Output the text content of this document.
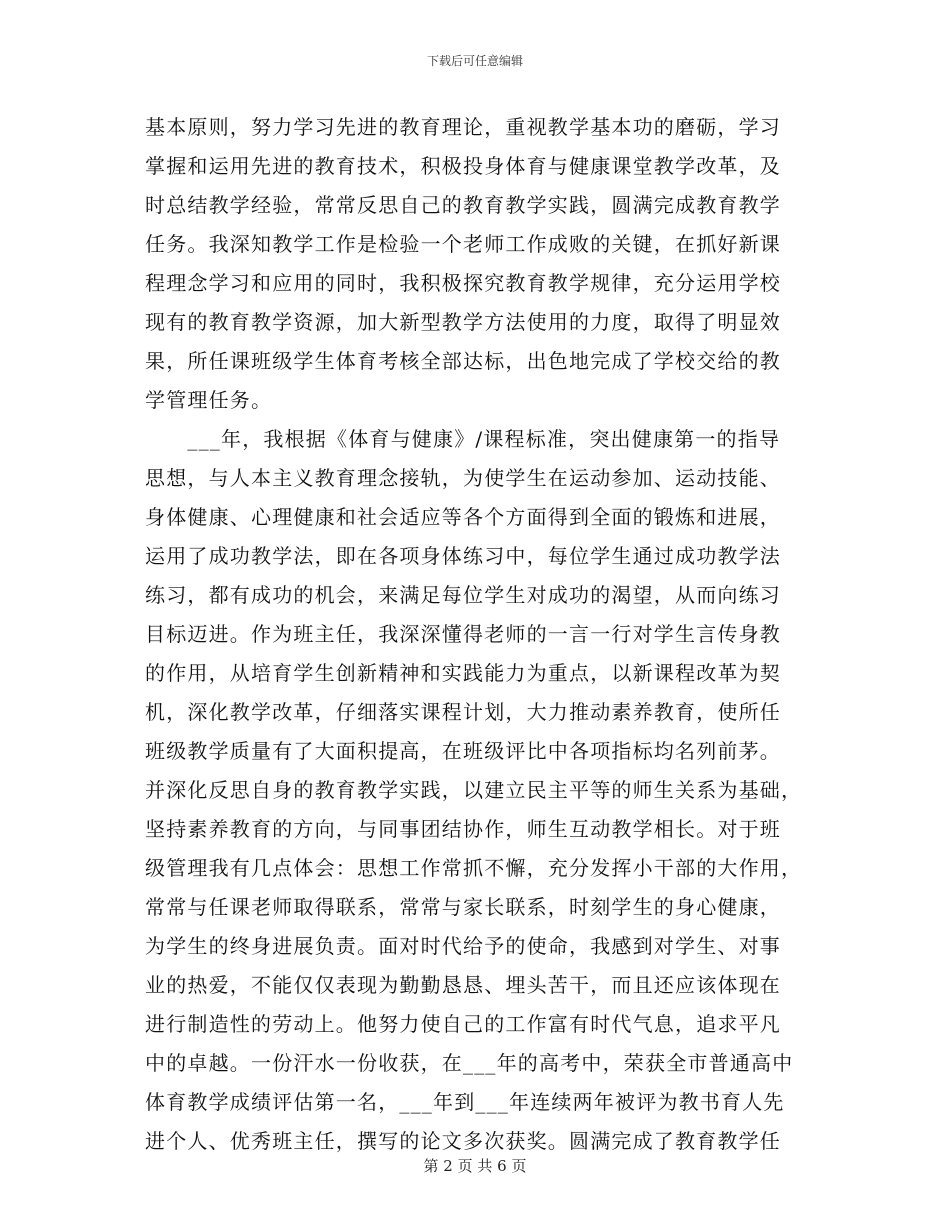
下载后可任意编辑
基本原则，努力学习先进的教育理论，重视教学基本功的磨砺，学习
掌握和运用先进的教育技术，积极投身体育与健康课堂教学改革，及
时总结教学经验，常常反思自己的教育教学实践，圆满完成教育教学
任务。我深知教学工作是检验一个老师工作成败的关键，在抓好新课
程理念学习和应用的同时，我积极探究教育教学规律，充分运用学校
现有的教育教学资源，加大新型教学方法使用的力度，取得了明显效
果，所任课班级学生体育考核全部达标，出色地完成了学校交给的教
学管理任务。
　　___年，我根据《体育与健康》/课程标准，突出健康第一的指导
思想，与人本主义教育理念接轨，为使学生在运动参加、运动技能、
身体健康、心理健康和社会适应等各个方面得到全面的锻炼和进展，
运用了成功教学法，即在各项身体练习中，每位学生通过成功教学法
练习，都有成功的机会，来满足每位学生对成功的渴望，从而向练习
目标迈进。作为班主任，我深深懂得老师的一言一行对学生言传身教
的作用，从培育学生创新精神和实践能力为重点，以新课程改革为契
机，深化教学改革，仔细落实课程计划，大力推动素养教育，使所任
班级教学质量有了大面积提高，在班级评比中各项指标均名列前茅。
并深化反思自身的教育教学实践，以建立民主平等的师生关系为基础，
坚持素养教育的方向，与同事团结协作，师生互动教学相长。对于班
级管理我有几点体会：思想工作常抓不懈，充分发挥小干部的大作用，
常常与任课老师取得联系，常常与家长联系，时刻学生的身心健康，
为学生的终身进展负责。面对时代给予的使命，我感到对学生、对事
业的热爱，不能仅仅表现为勤勤恳恳、埋头苦干，而且还应该体现在
进行制造性的劳动上。他努力使自己的工作富有时代气息，追求平凡
中的卓越。一份汗水一份收获，在___年的高考中，荣获全市普通高中
体育教学成绩评估第一名，___年到___年连续两年被评为教书育人先
进个人、优秀班主任，撰写的论文多次获奖。圆满完成了教育教学任
第 2 页 共 6 页
